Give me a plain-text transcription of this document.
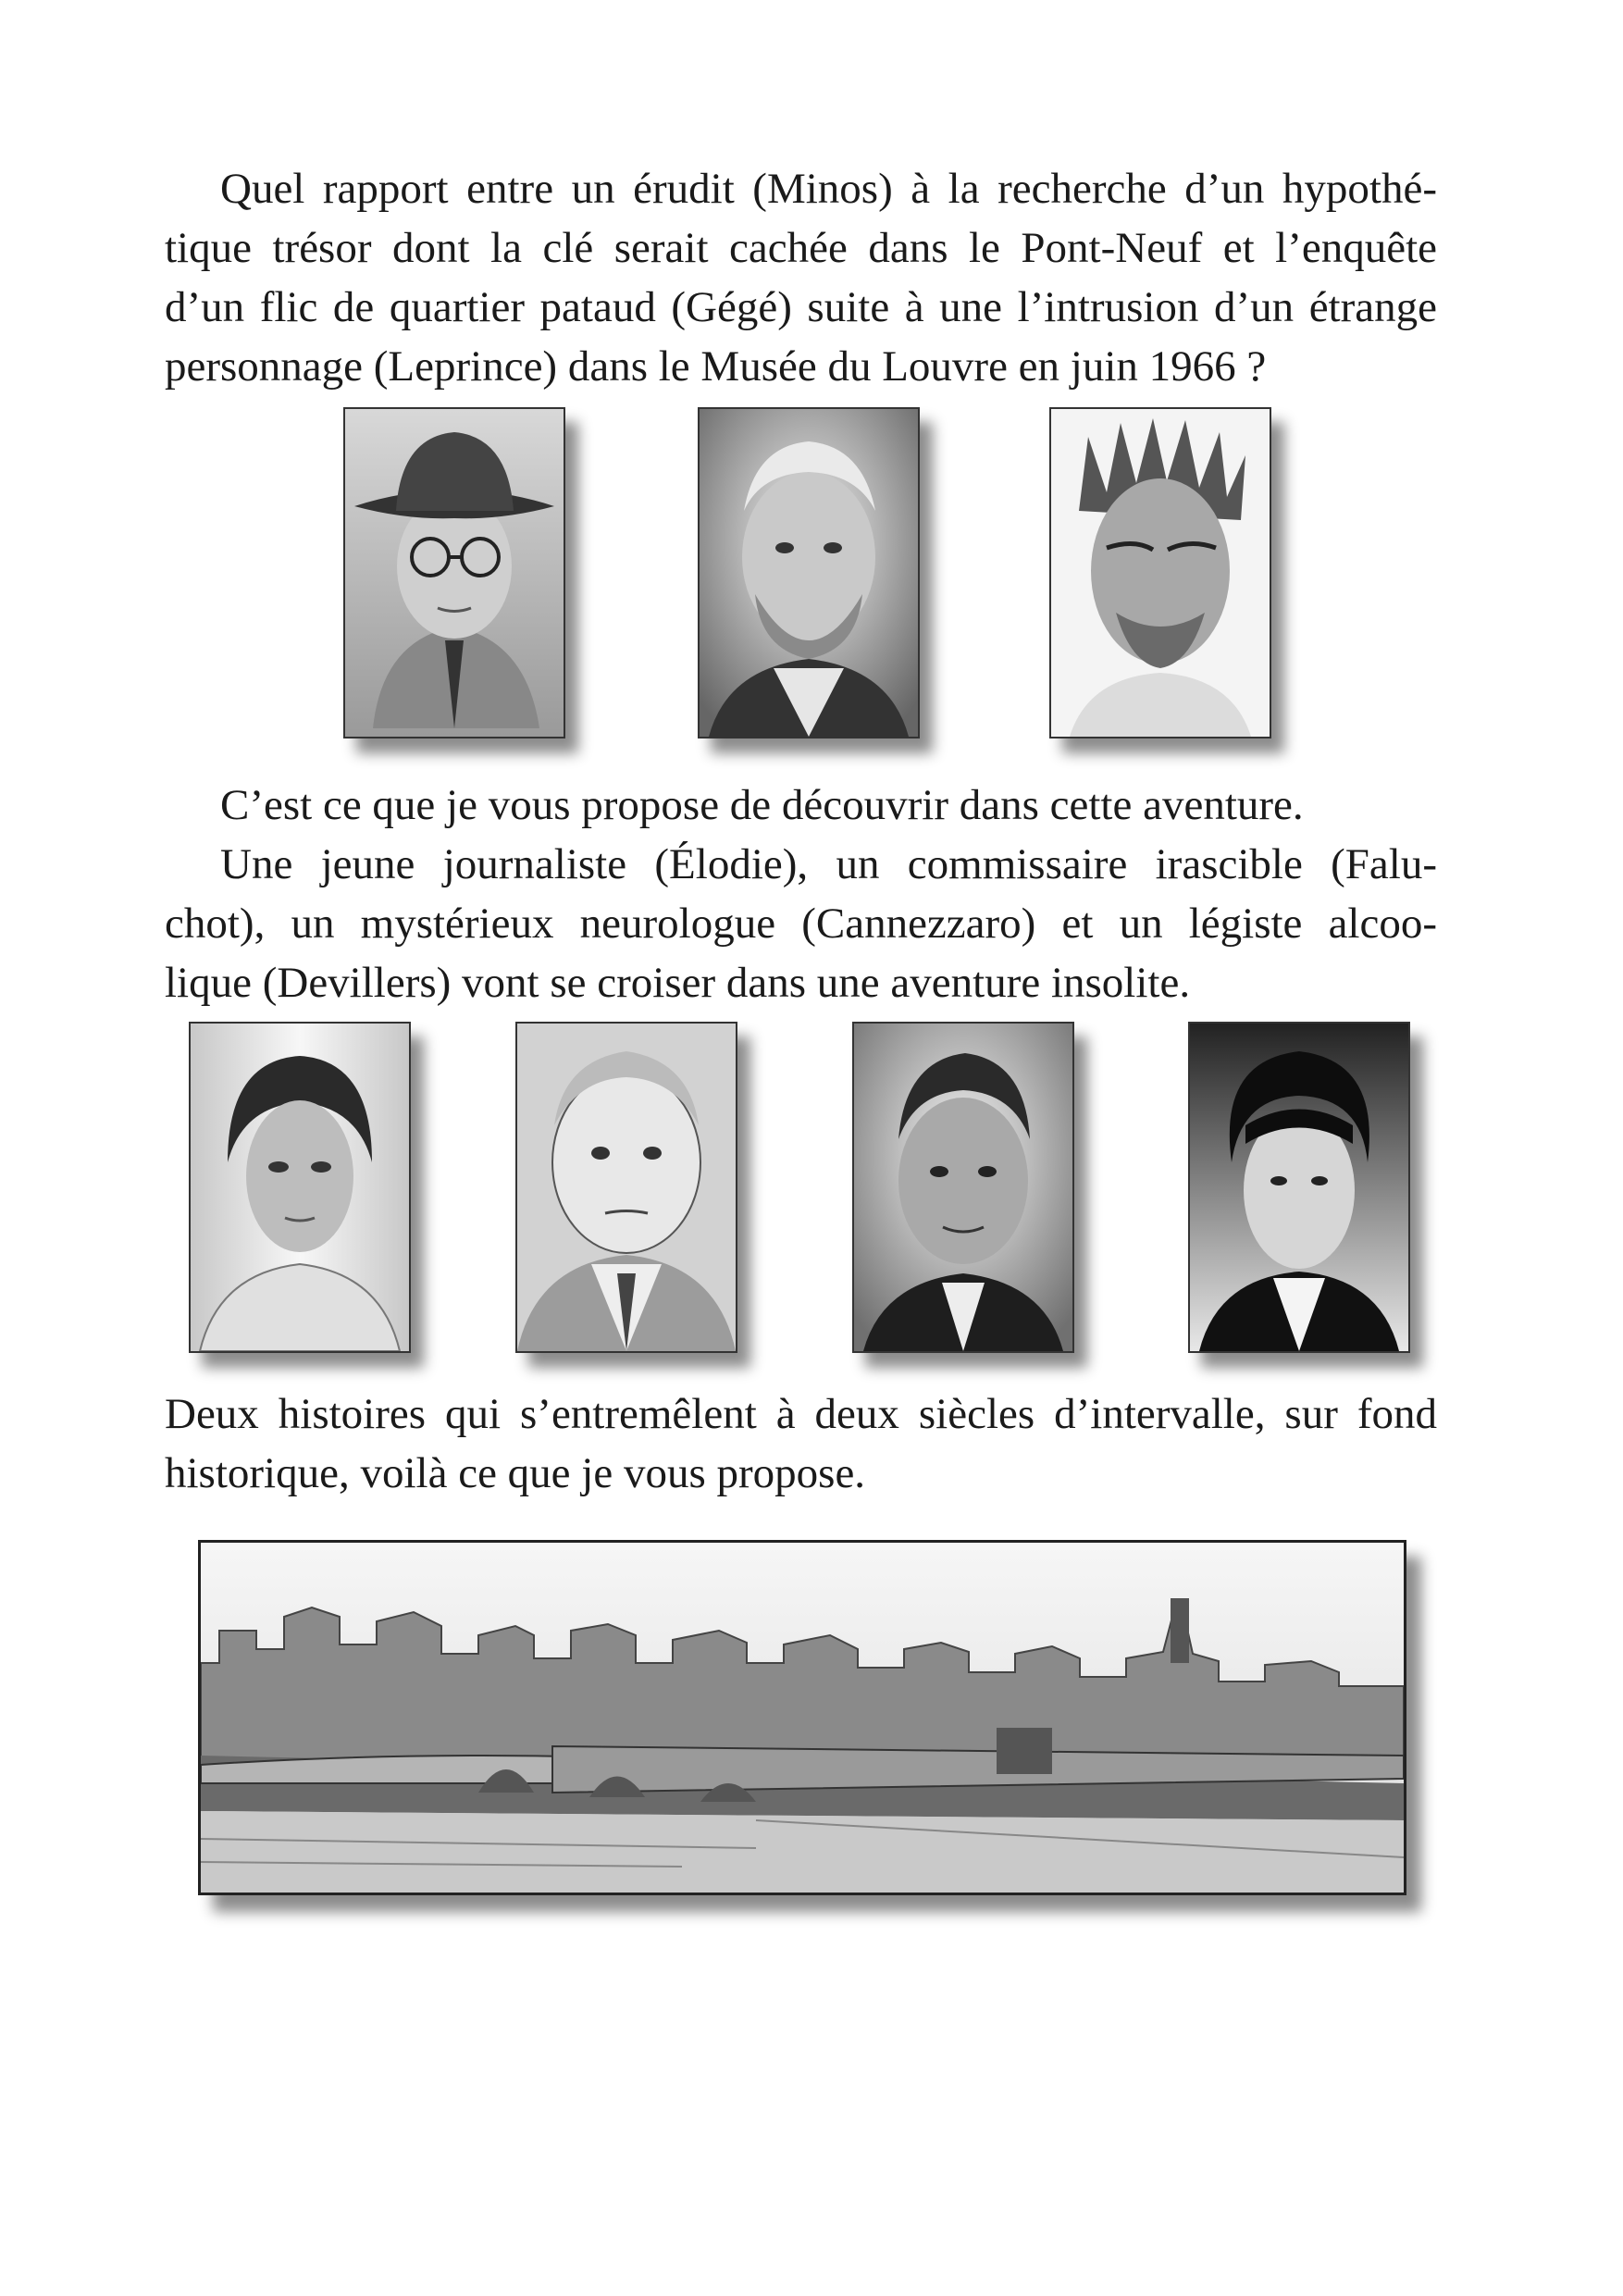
Quel rapport entre un érudit (Minos) à la recherche d’un hypothé-
tique trésor dont la clé serait cachée dans le Pont-Neuf et l’enquête
d’un flic de quartier pataud (Gégé) suite à une l’intrusion d’un étrange
personnage (Leprince) dans le Musée du Louvre en juin 1966 ?
C’est ce que je vous propose de découvrir dans cette aventure.
Une jeune journaliste (Élodie), un commissaire irascible (Falu-
chot), un mystérieux neurologue (Cannezzaro) et un légiste alcoo-
lique (Devillers) vont se croiser dans une aventure insolite.
Deux histoires qui s’entremêlent à deux siècles d’intervalle, sur fond
historique, voilà ce que je vous propose.
